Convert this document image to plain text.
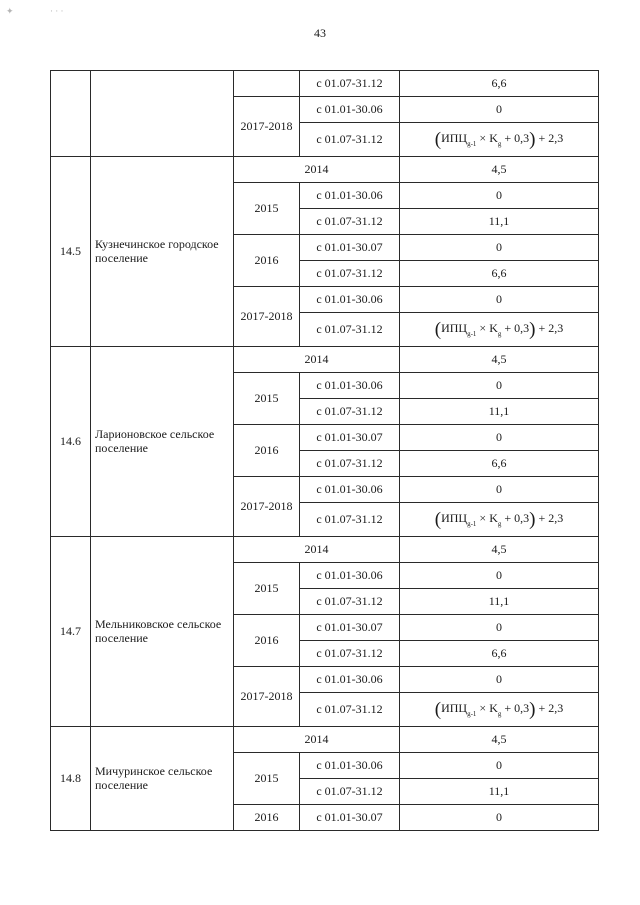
43
✦	· · ·
			с 01.07-31.12	6,6
		2017-2018	с 01.01-30.06	0
			с 01.07-31.12	$(ИПЦ_{g-1} \times K_g + 0,3) + 2,3$
14.5	Кузнечинское городское поселение	2014		4,5
		2015	с 01.01-30.06	0
			с 01.07-31.12	11,1
		2016	с 01.01-30.07	0
			с 01.07-31.12	6,6
		2017-2018	с 01.01-30.06	0
			с 01.07-31.12	$(ИПЦ_{g-1} \times K_g + 0,3) + 2,3$
14.6	Ларионовское сельское поселение	2014		4,5
		2015	с 01.01-30.06	0
			с 01.07-31.12	11,1
		2016	с 01.01-30.07	0
			с 01.07-31.12	6,6
		2017-2018	с 01.01-30.06	0
			с 01.07-31.12	$(ИПЦ_{g-1} \times K_g + 0,3) + 2,3$
14.7	Мельниковское сельское поселение	2014		4,5
		2015	с 01.01-30.06	0
			с 01.07-31.12	11,1
		2016	с 01.01-30.07	0
			с 01.07-31.12	6,6
		2017-2018	с 01.01-30.06	0
			с 01.07-31.12	$(ИПЦ_{g-1} \times K_g + 0,3) + 2,3$
14.8	Мичуринское сельское поселение	2014		4,5
		2015	с 01.01-30.06	0
			с 01.07-31.12	11,1
		2016	с 01.01-30.07	0
